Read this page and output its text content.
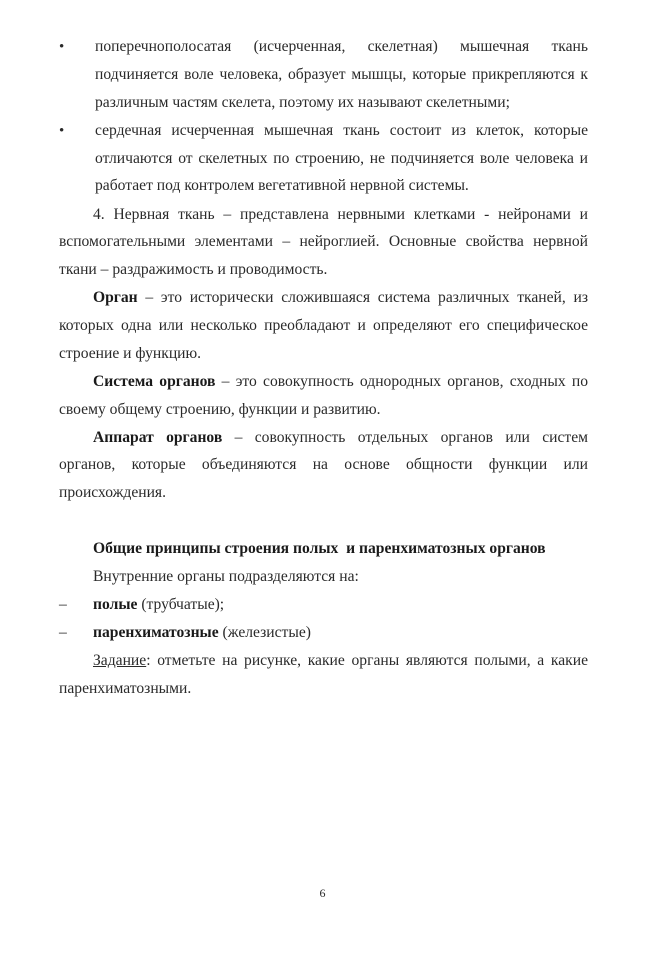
• поперечнополосатая (исчерченная, скелетная) мышечная ткань
подчиняется воле человека, образует мышцы, которые прикрепляются к
различным частям скелета, поэтому их называют скелетными;
• сердечная исчерченная мышечная ткань состоит из клеток, которые
отличаются от скелетных по строению, не подчиняется воле человека и
работает под контролем вегетативной нервной системы.
4. Нервная ткань – представлена нервными клетками - нейронами и
вспомогательными элементами – нейроглией. Основные свойства нервной
ткани – раздражимость и проводимость.
Орган – это исторически сложившаяся система различных тканей, из
которых одна или несколько преобладают и определяют его специфическое
строение и функцию.
Система органов – это совокупность однородных органов, сходных по
своему общему строению, функции и развитию.
Аппарат органов – совокупность отдельных органов или систем
органов, которые объединяются на основе общности функции или
происхождения.
Общие принципы строения полых  и паренхиматозных органов
Внутренние органы подразделяются на:
– полые (трубчатые);
– паренхиматозные (железистые)
Задание: отметьте на рисунке, какие органы являются полыми, а какие
паренхиматозными.
6
